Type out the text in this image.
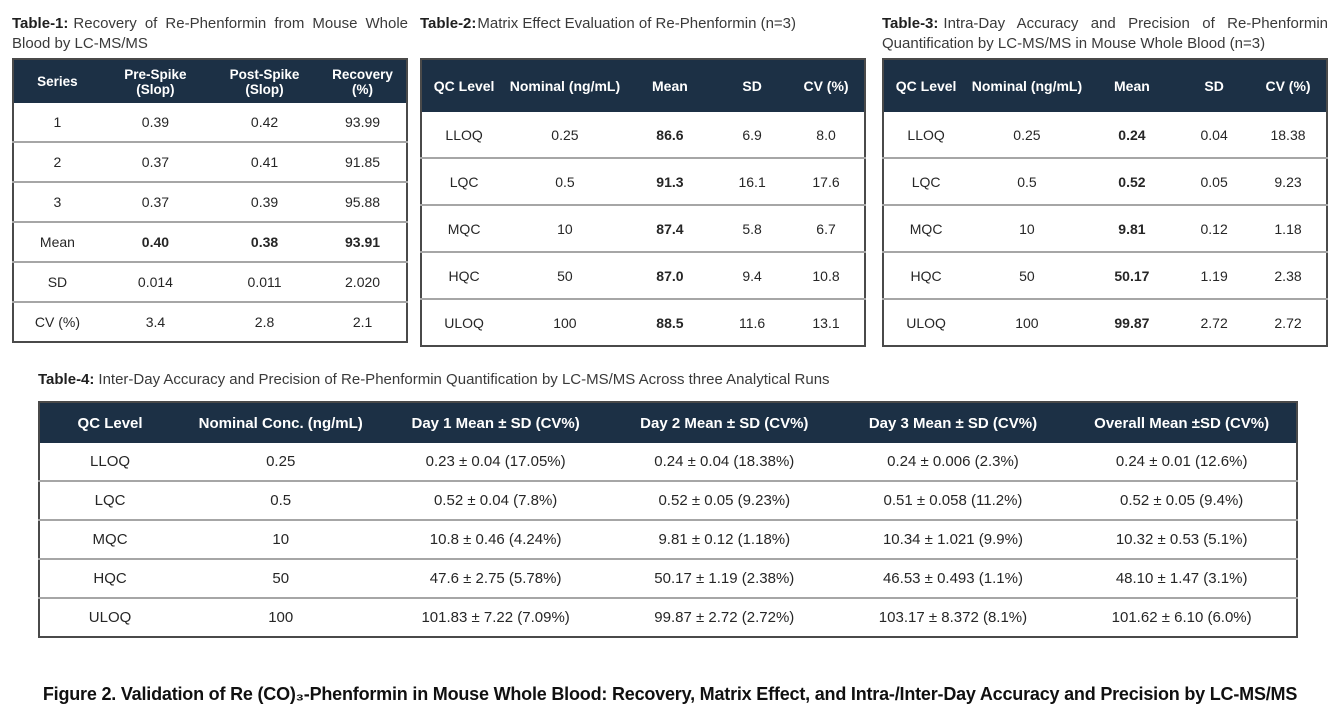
Table-1: Recovery of Re-Phenformin from Mouse Whole Blood by LC-MS/MS

Series	Pre-Spike (Slop)	Post-Spike (Slop)	Recovery (%)
1	0.39	0.42	93.99
2	0.37	0.41	91.85
3	0.37	0.39	95.88
Mean	0.40	0.38	93.91
SD	0.014	0.011	2.020
CV (%)	3.4	2.8	2.1

Table-2:Matrix Effect Evaluation of Re-Phenformin (n=3)

QC Level	Nominal (ng/mL)	Mean	SD	CV (%)
LLOQ	0.25	86.6	6.9	8.0
LQC	0.5	91.3	16.1	17.6
MQC	10	87.4	5.8	6.7
HQC	50	87.0	9.4	10.8
ULOQ	100	88.5	11.6	13.1

Table-3: Intra-Day Accuracy and Precision of Re-Phenformin Quantification by LC-MS/MS in Mouse Whole Blood (n=3)

QC Level	Nominal (ng/mL)	Mean	SD	CV (%)
LLOQ	0.25	0.24	0.04	18.38
LQC	0.5	0.52	0.05	9.23
MQC	10	9.81	0.12	1.18
HQC	50	50.17	1.19	2.38
ULOQ	100	99.87	2.72	2.72

Table-4: Inter-Day Accuracy and Precision of Re-Phenformin Quantification by LC-MS/MS Across three Analytical Runs

QC Level	Nominal Conc. (ng/mL)	Day 1 Mean ± SD (CV%)	Day 2 Mean ± SD (CV%)	Day 3 Mean ± SD (CV%)	Overall Mean ±SD (CV%)
LLOQ	0.25	0.23 ± 0.04 (17.05%)	0.24 ± 0.04 (18.38%)	0.24 ± 0.006 (2.3%)	0.24 ± 0.01 (12.6%)
LQC	0.5	0.52 ± 0.04 (7.8%)	0.52 ± 0.05 (9.23%)	0.51 ± 0.058 (11.2%)	0.52 ± 0.05 (9.4%)
MQC	10	10.8 ± 0.46 (4.24%)	9.81 ± 0.12 (1.18%)	10.34 ± 1.021 (9.9%)	10.32 ± 0.53 (5.1%)
HQC	50	47.6 ± 2.75 (5.78%)	50.17 ± 1.19 (2.38%)	46.53 ± 0.493 (1.1%)	48.10 ± 1.47 (3.1%)
ULOQ	100	101.83 ± 7.22 (7.09%)	99.87 ± 2.72 (2.72%)	103.17 ± 8.372 (8.1%)	101.62 ± 6.10 (6.0%)

Figure 2. Validation of Re (CO)₃-Phenformin in Mouse Whole Blood: Recovery, Matrix Effect, and Intra-/Inter-Day Accuracy and Precision by LC-MS/MS
